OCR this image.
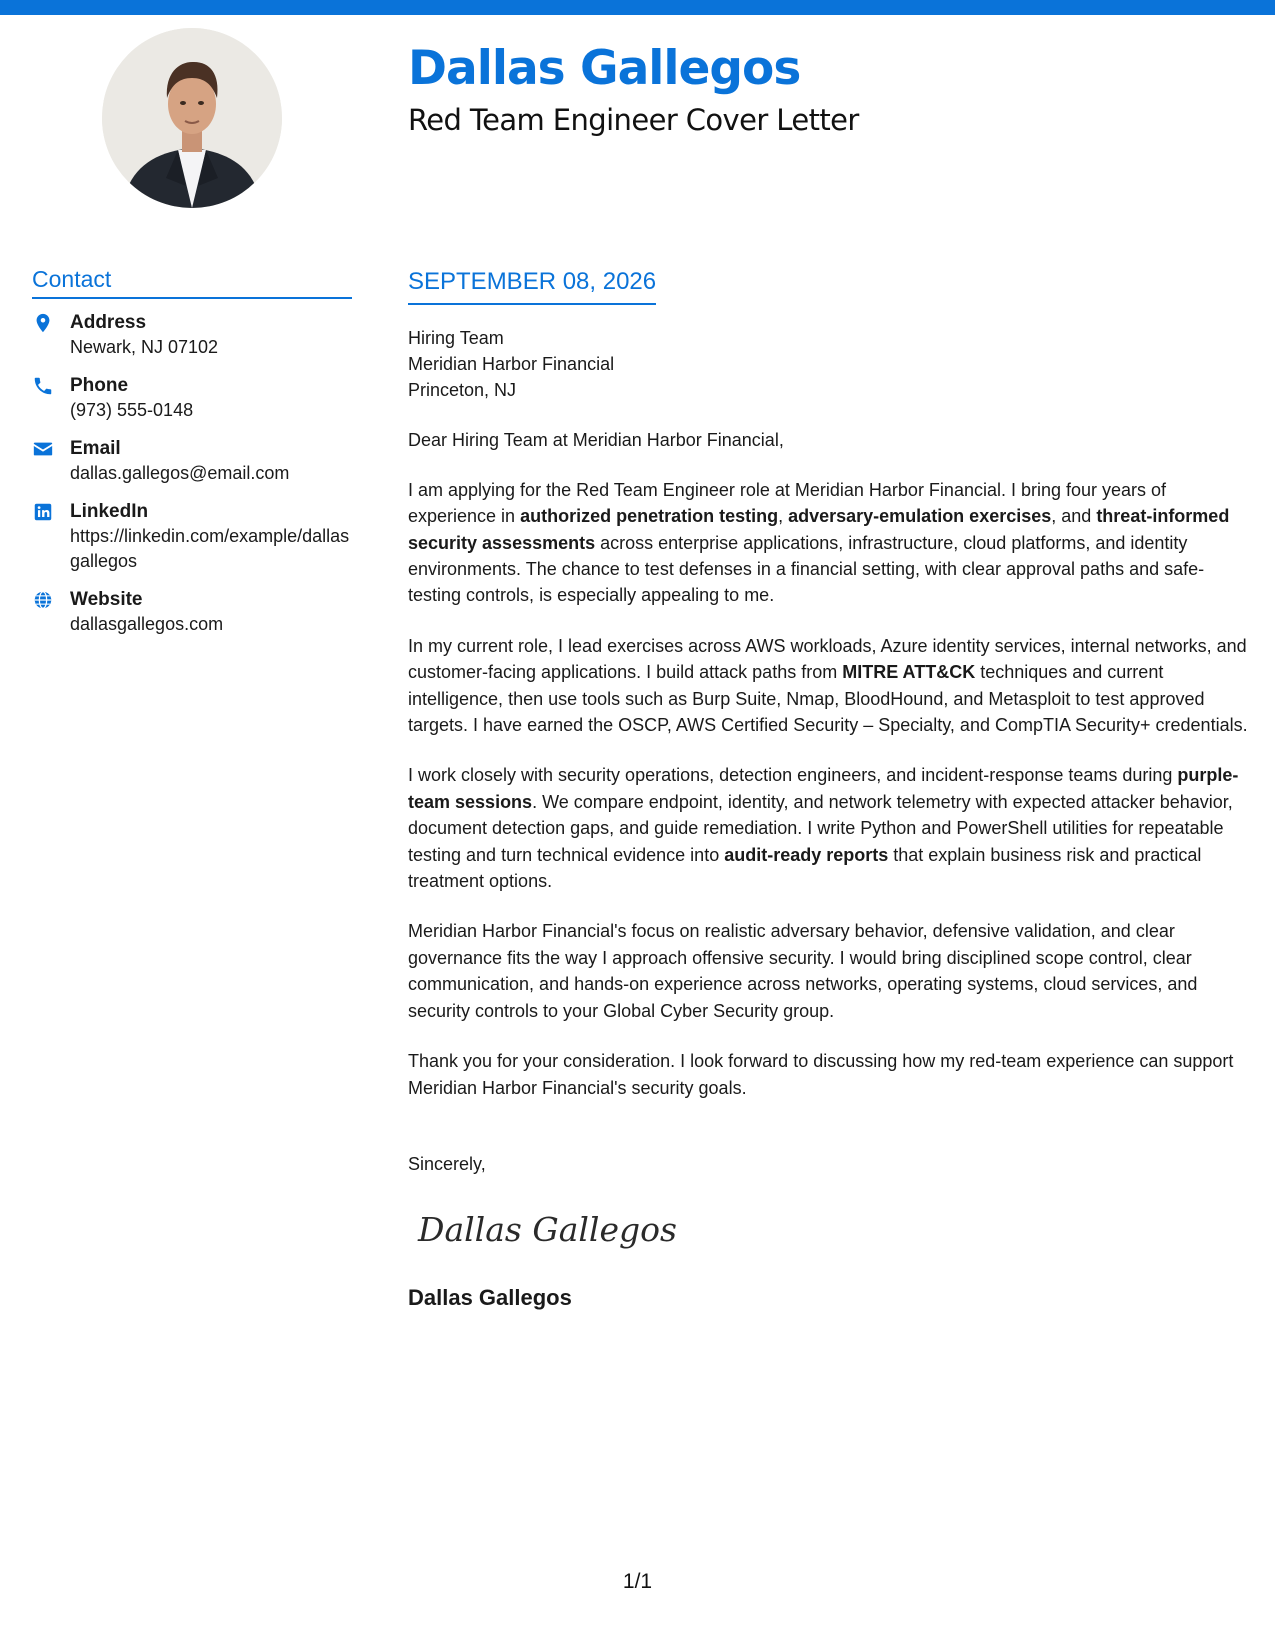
Dallas Gallegos
Red Team Engineer Cover Letter
Contact
Address
Newark, NJ 07102
Phone
(973) 555-0148
Email
dallas.gallegos@email.com
LinkedIn
https://linkedin.com/example/dallasgallegos
Website
dallasgallegos.com
SEPTEMBER 08, 2026
Hiring Team
Meridian Harbor Financial
Princeton, NJ
Dear Hiring Team at Meridian Harbor Financial,

I am applying for the Red Team Engineer role at Meridian Harbor Financial. I bring four years of experience in authorized penetration testing, adversary-emulation exercises, and threat-informed security assessments across enterprise applications, infrastructure, cloud platforms, and identity environments. The chance to test defenses in a financial setting, with clear approval paths and safe-testing controls, is especially appealing to me.

In my current role, I lead exercises across AWS workloads, Azure identity services, internal networks, and customer-facing applications. I build attack paths from MITRE ATT&CK techniques and current intelligence, then use tools such as Burp Suite, Nmap, BloodHound, and Metasploit to test approved targets. I have earned the OSCP, AWS Certified Security – Specialty, and CompTIA Security+ credentials.

I work closely with security operations, detection engineers, and incident-response teams during purple-team sessions. We compare endpoint, identity, and network telemetry with expected attacker behavior, document detection gaps, and guide remediation. I write Python and PowerShell utilities for repeatable testing and turn technical evidence into audit-ready reports that explain business risk and practical treatment options.

Meridian Harbor Financial's focus on realistic adversary behavior, defensive validation, and clear governance fits the way I approach offensive security. I would bring disciplined scope control, clear communication, and hands-on experience across networks, operating systems, cloud services, and security controls to your Global Cyber Security group.

Thank you for your consideration. I look forward to discussing how my red-team experience can support Meridian Harbor Financial's security goals.

Sincerely,
Dallas Gallegos
Dallas Gallegos
1/1
